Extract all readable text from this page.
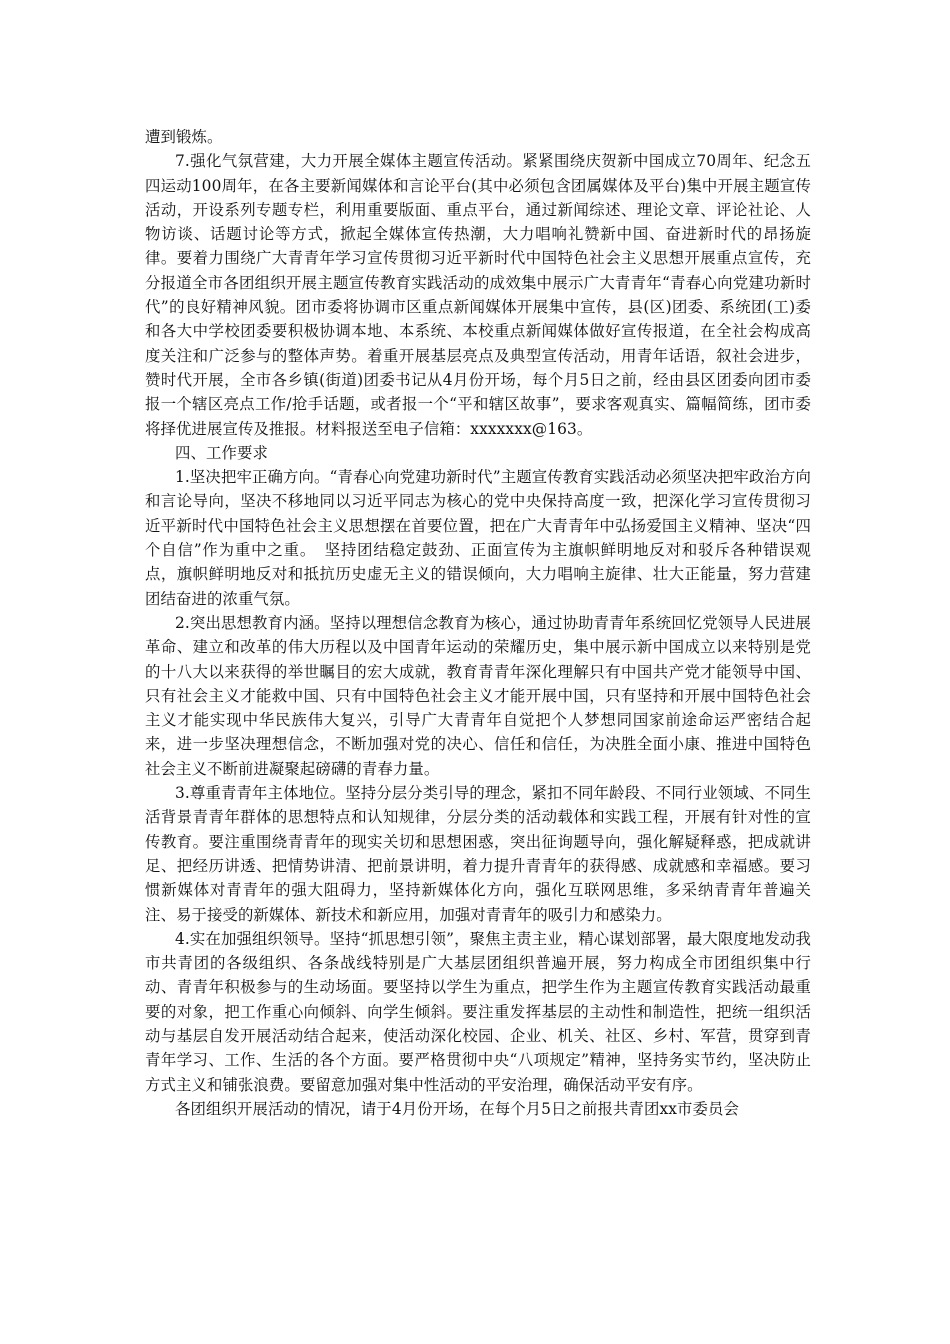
遭到锻炼。

7.强化气氛营建，大力开展全媒体主题宣传活动。紧紧围绕庆贺新中国成立70周年、纪念五四运动100周年，在各主要新闻媒体和言论平台(其中必须包含团属媒体及平台)集中开展主题宣传活动，开设系列专题专栏，利用重要版面、重点平台，通过新闻综述、理论文章、评论社论、人物访谈、话题讨论等方式，掀起全媒体宣传热潮，大力唱响礼赞新中国、奋进新时代的昂扬旋律。要着力围绕广大青青年学习宣传贯彻习近平新时代中国特色社会主义思想开展重点宣传，充分报道全市各团组织开展主题宣传教育实践活动的成效集中展示广大青青年“青春心向党建功新时代”的良好精神风貌。团市委将协调市区重点新闻媒体开展集中宣传，县(区)团委、系统团(工)委和各大中学校团委要积极协调本地、本系统、本校重点新闻媒体做好宣传报道，在全社会构成高度关注和广泛参与的整体声势。着重开展基层亮点及典型宣传活动，用青年话语，叙社会进步，赞时代开展，全市各乡镇(街道)团委书记从4月份开场，每个月5日之前，经由县区团委向团市委报一个辖区亮点工作/抢手话题，或者报一个“平和辖区故事”，要求客观真实、篇幅简练，团市委将择优进展宣传及推报。材料报送至电子信箱：xxxxxxx@163。

四、工作要求

1.坚决把牢正确方向。“青春心向党建功新时代”主题宣传教育实践活动必须坚决把牢政治方向和言论导向，坚决不移地同以习近平同志为核心的党中央保持高度一致，把深化学习宣传贯彻习近平新时代中国特色社会主义思想摆在首要位置，把在广大青青年中弘扬爱国主义精神、坚决“四个自信”作为重中之重。　坚持团结稳定鼓劲、正面宣传为主旗帜鲜明地反对和驳斥各种错误观点，旗帜鲜明地反对和抵抗历史虚无主义的错误倾向，大力唱响主旋律、壮大正能量，努力营建团结奋进的浓重气氛。

2.突出思想教育内涵。坚持以理想信念教育为核心，通过协助青青年系统回忆党领导人民进展革命、建立和改革的伟大历程以及中国青年运动的荣耀历史，集中展示新中国成立以来特别是党的十八大以来获得的举世瞩目的宏大成就，教育青青年深化理解只有中国共产党才能领导中国、只有社会主义才能救中国、只有中国特色社会主义才能开展中国，只有坚持和开展中国特色社会主义才能实现中华民族伟大复兴，引导广大青青年自觉把个人梦想同国家前途命运严密结合起来，进一步坚决理想信念，不断加强对党的决心、信任和信任，为决胜全面小康、推进中国特色社会主义不断前进凝聚起磅礴的青春力量。

3.尊重青青年主体地位。坚持分层分类引导的理念，紧扣不同年龄段、不同行业领域、不同生活背景青青年群体的思想特点和认知规律，分层分类的活动载体和实践工程，开展有针对性的宣传教育。要注重围绕青青年的现实关切和思想困惑，突出征询题导向，强化解疑释惑，把成就讲足、把经历讲透、把情势讲清、把前景讲明，着力提升青青年的获得感、成就感和幸福感。要习惯新媒体对青青年的强大阻碍力，坚持新媒体化方向，强化互联网思维，多采纳青青年普遍关注、易于接受的新媒体、新技术和新应用，加强对青青年的吸引力和感染力。

4.实在加强组织领导。坚持“抓思想引领”，聚焦主责主业，精心谋划部署，最大限度地发动我市共青团的各级组织、各条战线特别是广大基层团组织普遍开展，努力构成全市团组织集中行动、青青年积极参与的生动场面。要坚持以学生为重点，把学生作为主题宣传教育实践活动最重要的对象，把工作重心向倾斜、向学生倾斜。要注重发挥基层的主动性和制造性，把统一组织活动与基层自发开展活动结合起来，使活动深化校园、企业、机关、社区、乡村、军营，贯穿到青青年学习、工作、生活的各个方面。要严格贯彻中央“八项规定”精神，坚持务实节约，坚决防止方式主义和铺张浪费。要留意加强对集中性活动的平安治理，确保活动平安有序。

各团组织开展活动的情况，请于4月份开场，在每个月5日之前报共青团xx市委员会
